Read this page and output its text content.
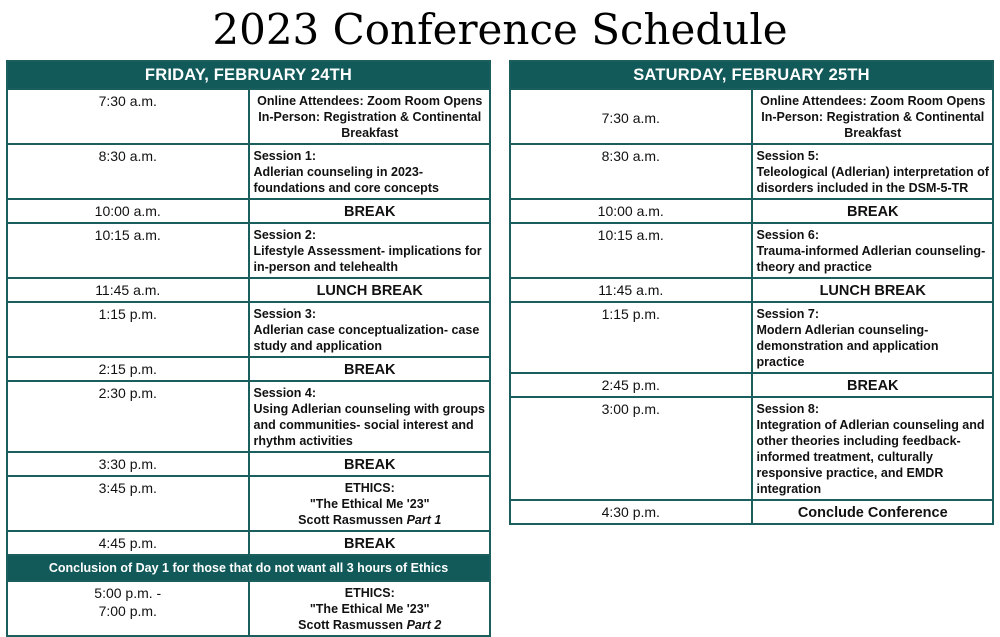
2023 Conference Schedule
FRIDAY, FEBRUARY 24TH	
7:30 a.m.	Online Attendees: Zoom Room Opens
In-Person: Registration & Continental Breakfast

8:30 a.m.	Session 1:
Adlerian counseling in 2023- foundations and core concepts

10:00 a.m.	BREAK
10:15 a.m.	Session 2:
Lifestyle Assessment- implications for in-person and telehealth

11:45 a.m.	LUNCH BREAK
1:15 p.m.	Session 3:
Adlerian case conceptualization- case study and application

2:15 p.m.	BREAK
2:30 p.m.	Session 4:
Using Adlerian counseling with groups and communities- social interest and rhythm activities

3:30 p.m.	BREAK
3:45 p.m.	ETHICS:
"The Ethical Me '23"
Scott Rasmussen Part 1

4:45 p.m.	BREAK
Conclusion of Day 1 for those that do not want all 3 hours of Ethics	

5:00 p.m. -
7:00 p.m.	ETHICS:
"The Ethical Me '23"
Scott Rasmussen Part 2
SATURDAY, FEBRUARY 25TH	
7:30 a.m.	Online Attendees: Zoom Room Opens
In-Person: Registration & Continental Breakfast

8:30 a.m.	Session 5:
Teleological (Adlerian) interpretation of disorders included in the DSM-5-TR

10:00 a.m.	BREAK
10:15 a.m.	Session 6:
Trauma-informed Adlerian counseling- theory and practice

11:45 a.m.	LUNCH BREAK
1:15 p.m.	Session 7:
Modern Adlerian counseling-demonstration and application practice

2:45 p.m.	BREAK
3:00 p.m.	Session 8:
Integration of Adlerian counseling and other theories including feedback-informed treatment, culturally responsive practice, and EMDR integration

4:30 p.m.	Conclude Conference
